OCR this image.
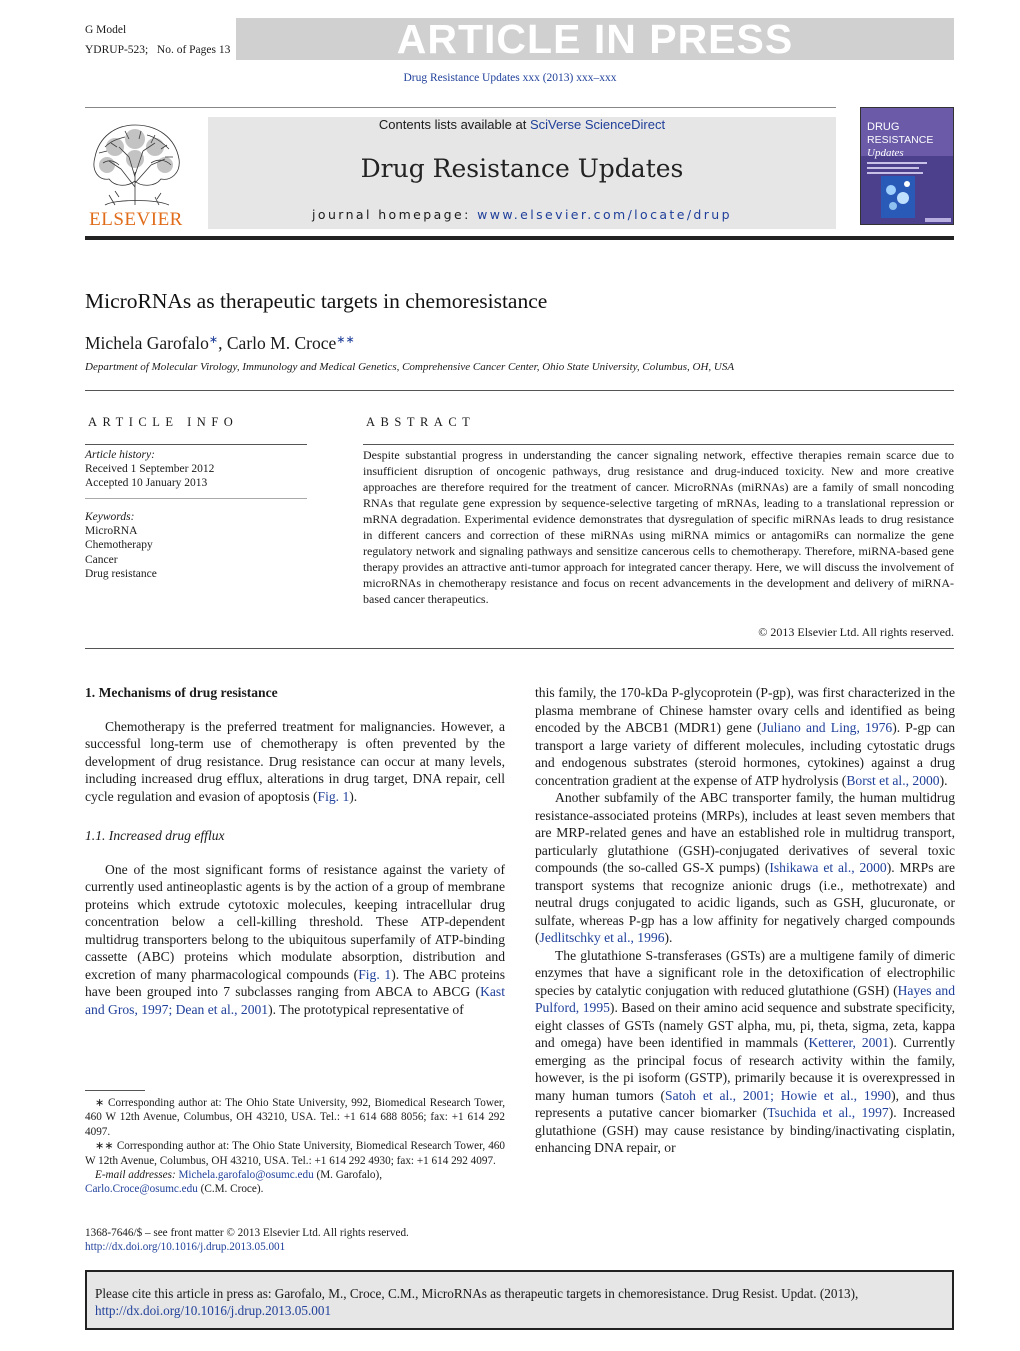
G Model
YDRUP-523; No. of Pages 13	ARTICLE IN PRESS
Drug Resistance Updates xxx (2013) xxx–xxx
ELSEVIER
Contents lists available at SciVerse ScienceDirect
Drug Resistance Updates
journal homepage: www.elsevier.com/locate/drup
DRUG
RESISTANCE
Updates
MicroRNAs as therapeutic targets in chemoresistance
Michela Garofalo∗, Carlo M. Croce∗∗
Department of Molecular Virology, Immunology and Medical Genetics, Comprehensive Cancer Center, Ohio State University, Columbus, OH, USA
ARTICLE INFO	ABSTRACT
Article history:
Received 1 September 2012
Accepted 10 January 2013
Keywords:
MicroRNA
Chemotherapy
Cancer
Drug resistance
Despite substantial progress in understanding the cancer signaling network, effective therapies remain scarce due to insufficient disruption of oncogenic pathways, drug resistance and drug-induced toxicity. New and more creative approaches are therefore required for the treatment of cancer. MicroRNAs (miRNAs) are a family of small noncoding RNAs that regulate gene expression by sequence-selective targeting of mRNAs, leading to a translational repression or mRNA degradation. Experimental evidence demonstrates that dysregulation of specific miRNAs leads to drug resistance in different cancers and correction of these miRNAs using miRNA mimics or antagomiRs can normalize the gene regulatory network and signaling pathways and sensitize cancerous cells to chemotherapy. Therefore, miRNA-based gene therapy provides an attractive anti-tumor approach for integrated cancer therapy. Here, we will discuss the involvement of microRNAs in chemotherapy resistance and focus on recent advancements in the development and delivery of miRNA-based cancer therapeutics.
© 2013 Elsevier Ltd. All rights reserved.
1. Mechanisms of drug resistance
Chemotherapy is the preferred treatment for malignancies. However, a successful long-term use of chemotherapy is often prevented by the development of drug resistance. Drug resistance can occur at many levels, including increased drug efflux, alterations in drug target, DNA repair, cell cycle regulation and evasion of apoptosis (Fig. 1).
1.1. Increased drug efflux
One of the most significant forms of resistance against the variety of currently used antineoplastic agents is by the action of a group of membrane proteins which extrude cytotoxic molecules, keeping intracellular drug concentration below a cell-killing threshold. These ATP-dependent multidrug transporters belong to the ubiquitous superfamily of ATP-binding cassette (ABC) proteins which modulate absorption, distribution and excretion of many pharmacological compounds (Fig. 1). The ABC proteins have been grouped into 7 subclasses ranging from ABCA to ABCG (Kast and Gros, 1997; Dean et al., 2001). The prototypical representative of
this family, the 170-kDa P-glycoprotein (P-gp), was first characterized in the plasma membrane of Chinese hamster ovary cells and identified as being encoded by the ABCB1 (MDR1) gene (Juliano and Ling, 1976). P-gp can transport a large variety of different molecules, including cytostatic drugs and endogenous substrates (steroid hormones, cytokines) against a drug concentration gradient at the expense of ATP hydrolysis (Borst et al., 2000).
Another subfamily of the ABC transporter family, the human multidrug resistance-associated proteins (MRPs), includes at least seven members that are MRP-related genes and have an established role in multidrug transport, particularly glutathione (GSH)-conjugated derivatives of several toxic compounds (the so-called GS-X pumps) (Ishikawa et al., 2000). MRPs are transport systems that recognize anionic drugs (i.e., methotrexate) and neutral drugs conjugated to acidic ligands, such as GSH, glucuronate, or sulfate, whereas P-gp has a low affinity for negatively charged compounds (Jedlitschky et al., 1996).
The glutathione S-transferases (GSTs) are a multigene family of dimeric enzymes that have a significant role in the detoxification of electrophilic species by catalytic conjugation with reduced glutathione (GSH) (Hayes and Pulford, 1995). Based on their amino acid sequence and substrate specificity, eight classes of GSTs (namely GST alpha, mu, pi, theta, sigma, zeta, kappa and omega) have been identified in mammals (Ketterer, 2001). Currently emerging as the principal focus of research activity within the family, however, is the pi isoform (GSTP), primarily because it is overexpressed in many human tumors (Satoh et al., 2001; Howie et al., 1990), and thus represents a putative cancer biomarker (Tsuchida et al., 1997). Increased glutathione (GSH) may cause resistance by binding/inactivating cisplatin, enhancing DNA repair, or
∗ Corresponding author at: The Ohio State University, 992, Biomedical Research Tower, 460 W 12th Avenue, Columbus, OH 43210, USA. Tel.: +1 614 688 8056; fax: +1 614 292 4097.
∗∗ Corresponding author at: The Ohio State University, Biomedical Research Tower, 460 W 12th Avenue, Columbus, OH 43210, USA. Tel.: +1 614 292 4930; fax: +1 614 292 4097.
E-mail addresses: Michela.garofalo@osumc.edu (M. Garofalo),
Carlo.Croce@osumc.edu (C.M. Croce).
1368-7646/$ – see front matter © 2013 Elsevier Ltd. All rights reserved.
http://dx.doi.org/10.1016/j.drup.2013.05.001
Please cite this article in press as: Garofalo, M., Croce, C.M., MicroRNAs as therapeutic targets in chemoresistance. Drug Resist. Updat. (2013),
http://dx.doi.org/10.1016/j.drup.2013.05.001
